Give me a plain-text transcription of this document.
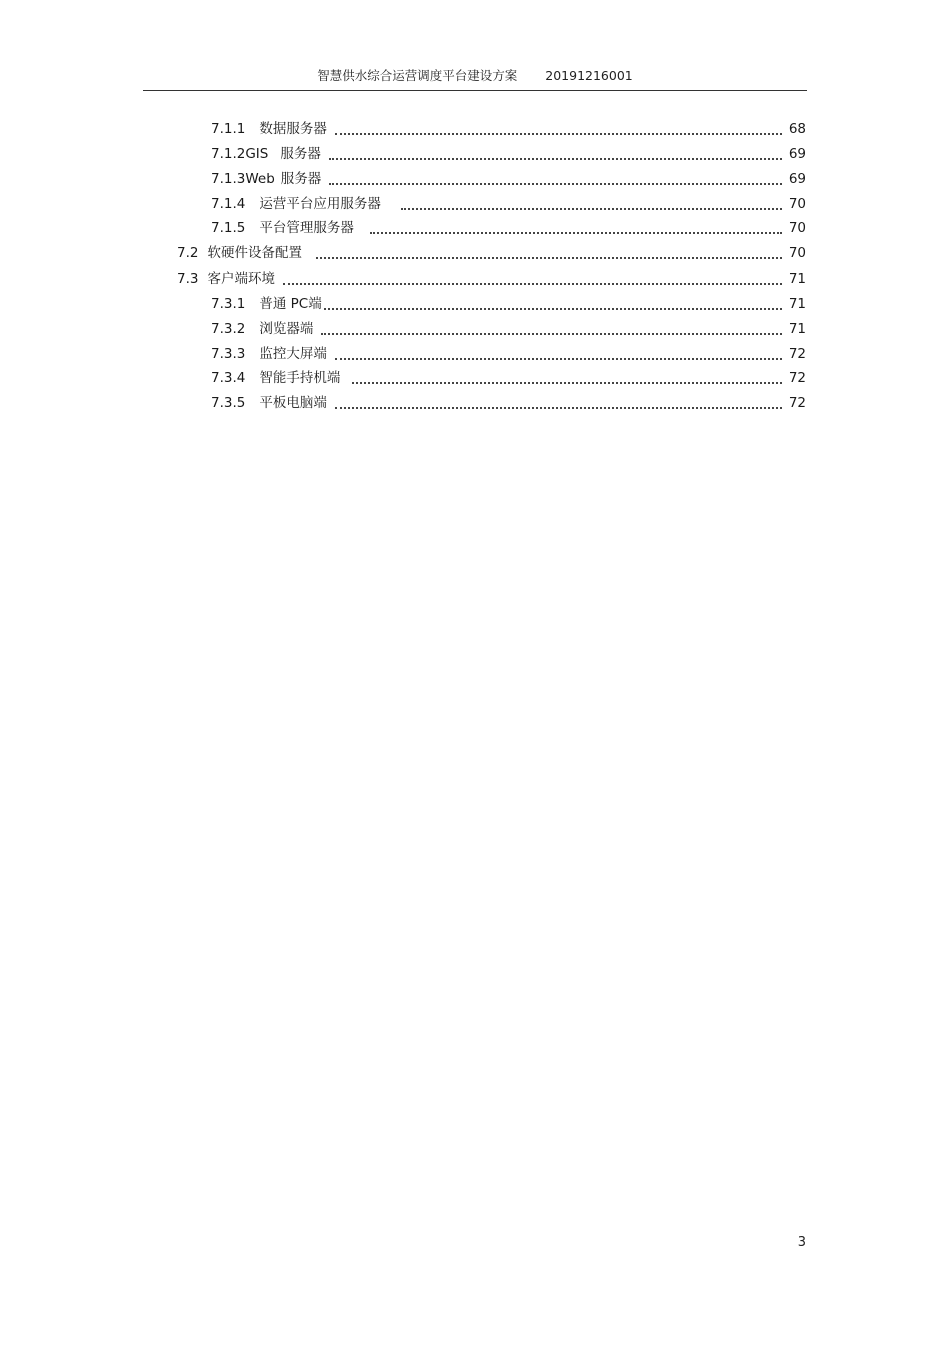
智慧供水综合运营调度平台建设方案 20191216001
7.1.1 数据服务器	68
7.1.2GIS 服务器	69
7.1.3Web 服务器	69
7.1.4 运营平台应用服务器	70
7.1.5 平台管理服务器	70
7.2 软硬件设备配置	70
7.3 客户端环境	71
7.3.1 普通 PC端	71
7.3.2 浏览器端	71
7.3.3 监控大屏端	72
7.3.4 智能手持机端	72
7.3.5 平板电脑端	72
3
